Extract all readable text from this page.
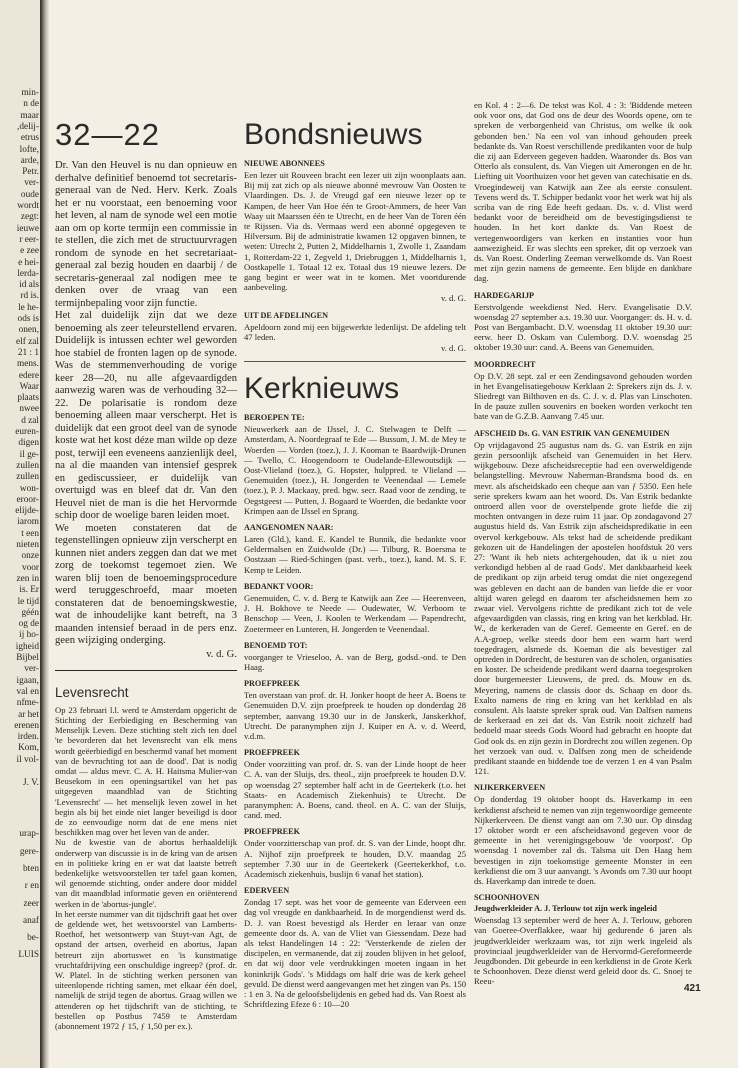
min-
n de
maar
,delij-
etrus
lofte,
arde,
Petr.
ver-
oude
wordt
zegt:
ieuwe
r eer-
e zee
e hei-
lerda-
id als
rd is.
le he-
ods is
onen,
elf zal
21 : 1
mens.
edere
Waar
plaats
nwee
d zal
euren-
digen
il ge-
zullen
zullen
won-
eroor-
elijde-
iarom
t een
nieten
onze
voor
zen in
is. Er
le tijd
géén
og de
ij ho-
igheid
Bijbel
ver-
igaan,
val en
nfme-
ar het
erenen
irden.
Kom,
il vol-
J. V.
urap-
gere-
bten
r en
zeer
anaf
be-
LUIS
32—22

Dr. Van den Heuvel is nu dan opnieuw en derhalve definitief benoemd tot secretaris-generaal van de Ned. Herv. Kerk. Zoals het er nu voorstaat, een benoeming voor het leven, al nam de synode wel een motie aan om op korte termijn een commissie in te stellen, die zich met de structuurvragen rondom de synode en het secretariaat-generaal zal bezig houden en daarbij / de secretaris-generaal zal nodigen mee te denken over de vraag van een termijnbepaling voor zijn functie.

Het zal duidelijk zijn dat we deze benoeming als zeer teleurstellend ervaren. Duidelijk is intussen echter wel geworden hoe stabiel de fronten lagen op de synode. Was de stemmenverhouding de vorige keer 28—20, nu alle afgevaardigden aanwezig waren was de verhouding 32—22. De polarisatie is rondom deze benoeming alleen maar verscherpt. Het is duidelijk dat een groot deel van de synode koste wat het kost déze man wilde op deze post, terwijl een eveneens aanzienlijk deel, na al die maanden van intensief gesprek en gediscussieer, er duidelijk van overtuigd was en bleef dat dr. Van den Heuvel niet de man is die het Hervormde schip door de woelige baren leiden moet.

We moeten constateren dat de tegenstellingen opnieuw zijn verscherpt en kunnen niet anders zeggen dan dat we met zorg de toekomst tegemoet zien. We waren blij toen de benoemingsprocedure werd teruggeschroefd, maar moeten constateren dat de benoemingskwestie, wat de inhoudelijke kant betreft, na 3 maanden intensief beraad in de pers enz. geen wijziging onderging.

v. d. G.
Levensrecht

Op 23 februari l.l. werd te Amsterdam opgericht de Stichting der Eerbiediging en Bescherming van Menselijk Leven. Deze stichting stelt zich ten doel 'te bevorderen dat het levensrecht van elk mens wordt geëerbiedigd en beschermd vanaf het moment van de bevruchting tot aan de dood'. Dat is nodig omdat — aldus mevr. C. A. H. Haitsma Mulier-van Beusekom in een openingsartikel van het pas uitgegeven maandblad van de Stichting 'Levensrecht' — het menselijk leven zowel in het begin als bij het einde niet langer beveiligd is door de zo eenvoudige norm dat de ene mens niet beschikken mag over het leven van de ander.

Nu de kwestie van de abortus herhaaldelijk onderwerp van discussie is in de kring van de artsen en in politieke kring en er wat dat laatste betreft bedenkelijke wetsvoorstellen ter tafel gaan komen, wil genoemde stichting, onder andere door middel van dit maandblad informatie geven en oriënterend werken in de 'abortus-jungle'.

In het eerste nummer van dit tijdschrift gaat het over de geldende wet, het wetsvoorstel van Lamberts-Roethof, het wetsontwerp van Stuyt-van Agt, de opstand der artsen, overheid en abortus, Japan betreurt zijn abortuswet en 'is kunstmatige vruchtafdrijving een onschuldige ingreep? (prof. dr. W. Platel. In de stichting werken personen van uiteenlopende richting samen, met elkaar één doel, namelijk de strijd tegen de abortus. Graag willen we attenderen op het tijdschrift van de stichting, te bestellen op Postbus 7459 te Amsterdam (abonnement 1972 ƒ 15, ƒ 1,50 per ex.).

Bondsnieuws
NIEUWE ABONNEES

Een lezer uit Rouveen bracht een lezer uit zijn woonplaats aan. Bij mij zat zich op als nieuwe abonné mevrouw Van Oosten te Vlaardingen. Ds. J. de Vreugd gaf een nieuwe lezer op te Kampen, de heer Van Hoe één te Groot-Ammers, de heer Van Waay uit Maarssen één te Utrecht, en de heer Van de Toren één te Rijssen. Via ds. Vermaas werd een abonné opgegeven te Hilversum. Bij de administratie kwamen 12 opgaven binnen, te weten: Utrecht 2, Putten 2, Middelharnis 1, Zwolle 1, Zaandam 1, Rotterdam-22 1, Zegveld 1, Driebruggen 1, Middelharnis 1, Oostkapelle 1. Totaal 12 ex. Totaal dus 19 nieuwe lezers. De gang begint er weer wat in te komen. Met voortdurende aanbeveling.

v. d. G.
UIT DE AFDELINGEN

Apeldoorn zond mij een bijgewerkte ledenlijst. De afdeling telt 47 leden.

v. d. G.
Kerknieuws
BEROEPEN TE:

Nieuwerkerk aan de IJssel, J. C. Stelwagen te Delft — Amsterdam, A. Noordegraaf te Ede — Bussum, J. M. de Mey te Woerden — Vorden (toez.), J. J. Kooman te Baardwijk-Drunen — Twello, C. Hoogendoorn te Oudelande-Ellewoutsdijk — Oost-Vlieland (toez.), G. Hopster, hulppred. te Vlieland — Genemuiden (toez.), H. Jongerden te Veenendaal — Lemele (toez.), P. J. Mackaay, pred. bgw. secr. Raad voor de zending, te Oegstgeest — Putten, J. Bogaard te Woerden, die bedankte voor Krimpen aan de IJssel en Sprang.

AANGENOMEN NAAR:

Laren (Gld.), kand. E. Kandel te Bunnik, die bedankte voor Geldermalsen en Zuidwolde (Dr.) — Tilburg, R. Boersma te Oostzaan — Ried-Schingen (past. verb., toez.), kand. M. S. F. Kemp te Leiden.

BEDANKT VOOR:

Genemuiden, C. v. d. Berg te Katwijk aan Zee — Heerenveen, J. H. Bokhove te Neede — Oudewater, W. Verboom te Benschop — Veen, J. Koolen te Werkendam — Papendrecht, Zoetermeer en Lunteren, H. Jongerden te Veenendaal.

BENOEMD TOT:

voorganger te Vrieseloo, A. van de Berg, godsd.-ond. te Den Haag.

PROEFPREEK

Ten overstaan van prof. dr. H. Jonker hoopt de heer A. Boens te Genemuiden D.V. zijn proefpreek te houden op donderdag 28 september, aanvang 19.30 uur in de Janskerk, Janskerkhof, Utrecht. De paranymphen zijn J. Kuiper en A. v. d. Weerd, v.d.m.

PROEFPREEK

Onder voorzitting van prof. dr. S. van der Linde hoopt de heer C. A. van der Sluijs, drs. theol., zijn proefpreek te houden D.V. op woensdag 27 september half acht in de Geertekerk (t.o. het Staats- en Academisch Ziekenhuis) te Utrecht. De paranymphen: A. Boens, cand. theol. en A. C. van der Sluijs, cand. med.

PROEFPREEK

Onder voorzitterschap van prof. dr. S. van der Linde, hoopt dhr. A. Nijhof zijn proefpreek te houden, D.V. maandag 25 september 7.30 uur in de Geertekerk (Geertekerkhof, t.o. Academisch ziekenhuis, buslijn 6 vanaf het station).

EDERVEEN

Zondag 17 sept. was het voor de gemeente van Ederveen een dag vol vreugde en dankbaarheid. In de morgendienst werd ds. D. J. van Roest bevestigd als Herder en leraar van onze gemeente door ds. A. van de Vliet van Giessendam. Deze had als tekst Handelingen 14 : 22: 'Versterkende de zielen der discipelen, en vermanende, dat zij zouden blijven in het geloof, en dat wij door vele verdrukkingen moeten ingaan in het koninkrijk Gods'. 's Middags om half drie was de kerk geheel gevuld. De dienst werd aangevangen met het zingen van Ps. 150 : 1 en 3. Na de geloofsbelijdenis en gebed had ds. Van Roest als Schriftlezing Efeze 6 : 10—20

en Kol. 4 : 2—6. De tekst was Kol. 4 : 3: 'Biddende meteen ook voor ons, dat God ons de deur des Woords opene, om te spreken de verborgenheid van Christus, om welke ik ook gebonden ben.' Na een vol van inhoud gehouden preek bedankte ds. Van Roest verschillende predikanten voor de hulp die zij aan Ederveen gegeven hadden. Waaronder ds. Bos van Otterlo als consulent, ds. Van Viegen uit Amerongen en de hr. Liefting uit Voorthuizen voor het geven van catechisatie en ds. Vroegindeweij van Katwijk aan Zee als eerste consulent. Tevens werd ds. T. Schipper bedankt voor het werk wat hij als scriba van de ring Ede heeft gedaan. Ds. v. d. Vlist werd bedankt voor de bereidheid om de bevestigingsdienst te houden. In het kort dankte ds. Van Roest de vertegenwoordigers van kerken en instanties voor hun aanwezigheid. Er was slechts een spreker, dit op verzoek van ds. Van Roest. Onderling Zeeman verwelkomde ds. Van Roest met zijn gezin namens de gemeente. Een blijde en dankbare dag.

HARDEGARIJP

Eerstvolgende weekdienst Ned. Herv. Evangelisatie D.V. woensdag 27 september a.s. 19.30 uur. Voorganger: ds. H. v. d. Post van Bergambacht. D.V. woensdag 11 oktober 19.30 uur: eerw. heer D. Oskam van Culemborg. D.V. woensdag 25 oktober 19.30 uur: cand. A. Beens van Genemuiden.

MOORDRECHT

Op D.V. 28 sept. zal er een Zendingsavond gehouden worden in het Evangelisatiegebouw Kerklaan 2: Sprekers zijn ds. J. v. Sliedregt van Bilthoven en ds. C. J. v. d. Plas van Linschoten. In de pauze zullen souvenirs en boeken worden verkocht ten bate van de G.Z.B. Aanvang 7.45 uur.

AFSCHEID Ds. G. VAN ESTRIK VAN GENEMUIDEN

Op vrijdagavond 25 augustus nam ds. G. van Estrik en zijn gezin persoonlijk afscheid van Genemuiden in het Herv. wijkgebouw. Deze afscheidsreceptie had een overweldigende belangstelling. Mevrouw Naberman-Brandsma bood ds. en mevr. als afscheidskado een cheque aan van ƒ 5350. Een hele serie sprekers kwam aan het woord. Ds. Van Estrik bedankte ontroerd allen voor de overstelpende grote liefde die zij mochten ontvangen in deze ruim 11 jaar. Op zondagavond 27 augustus hield ds. Van Estrik zijn afscheidspredikatie in een overvol kerkgebouw. Als tekst had de scheidende predikant gekozen uit de Handelingen der apostelen hoofdstuk 20 vers 27: 'Want ik heb niets achtergehouden, dat ik u niet zou verkondigd hebben al de raad Gods'. Met dankbaarheid keek de predikant op zijn arbeid terug omdat die niet ongezegend was gebleven en dacht aan de banden van liefde die er voor altijd waren gelegd en daarom ter afscheidsnemen hem zo zwaar viel. Vervolgens richtte de predikant zich tot de vele afgevaardigden van classis, ring en kring van het kerkblad. Hr. W., de kerkeraden van de Geref. Gemeente en Geref. en de A.A-groep, welke steeds door hem een warm hart werd toegedragen, alsmede ds. Koeman die als bevestiger zal optreden in Dordrecht, de besturen van de scholen, organisaties en koster. De scheidende predikant werd daarna toegesproken door burgemeester Lieuwens, de pred. ds. Mouw en ds. Meyering, namens de classis door ds. Schaap en door ds. Exalto namens de ring en kring van het kerkblad en als consulent. Als laatste spreker sprak oud. Van Dalfsen namens de kerkeraad en zei dat ds. Van Estrik nooit zichzelf had bedoeld maar steeds Gods Woord had gebracht en hoopte dat God ook ds. en zijn gezin in Dordrecht zou willen zegenen. Op het verzoek van oud. v. Dalfsen zong men de scheidende predikant staande en biddende toe de verzen 1 en 4 van Psalm 121.

NIJKERKERVEEN

Op donderdag 19 oktober hoopt ds. Haverkamp in een kerkdienst afscheid te nemen van zijn tegenwoordige gemeente Nijkerkerveen. De dienst vangt aan om 7.30 uur. Op dinsdag 17 oktober wordt er een afscheidsavond gegeven voor de gemeente in het verenigingsgebouw 'de voorpost'. Op woensdag 1 november zal ds. Talsma uit Den Haag hem bevestigen in zijn toekomstige gemeente Monster in een kerkdienst die om 3 uur aanvangt. 's Avonds om 7.30 uur hoopt ds. Haverkamp dan intrede te doen.

SCHOONHOVEN
Jeugdwerkleider A. J. Terlouw tot zijn werk ingeleid

Woensdag 13 september werd de heer A. J. Terlouw, geboren van Goeree-Overflakkee, waar hij gedurende 6 jaren als jeugdwerkleider werkzaam was, tot zijn werk ingeleid als provinciaal jeugdwerkleider van de Hervormd-Gereformeerde Jeugdbonden. Dit gebeurde in een kerkdienst in de Grote Kerk te Schoonhoven. Deze dienst werd geleid door ds. C. Snoej te Reeu-

421
